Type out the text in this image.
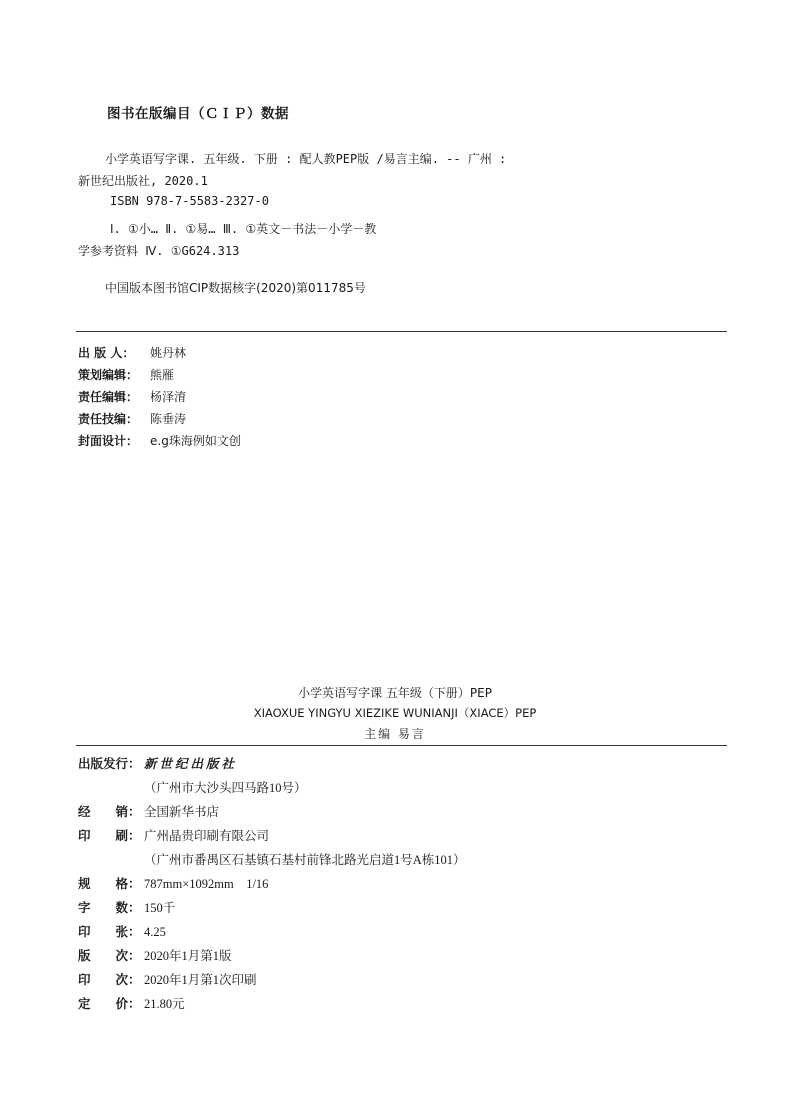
图书在版编目（ＣＩＰ）数据
小学英语写字课. 五年级. 下册 : 配人教PEP版 /易言主编. -- 广州 :
新世纪出版社, 2020.1
ISBN 978-7-5583-2327-0
Ⅰ. ①小… Ⅱ. ①易… Ⅲ. ①英文－书法－小学－教
学参考资料 Ⅳ. ①G624.313
中国版本图书馆CIP数据核字(2020)第011785号
出 版 人： 姚丹林
策划编辑： 熊雁
责任编辑： 杨泽淯
责任技编： 陈垂涛
封面设计： e.g珠海例如文创
小学英语写字课 五年级（下册）PEP
XIAOXUE YINGYU XIEZIKE WUNIANJI（XIACE）PEP
主编 易言
出版发行： 新世纪出版社
（广州市大沙头四马路10号）
经　　销： 全国新华书店
印　　刷： 广州晶贵印刷有限公司
（广州市番禺区石基镇石基村前锋北路光启道1号A栋101）
规　　格： 787mm×1092mm　1/16
字　　数： 150千
印　　张： 4.25
版　　次： 2020年1月第1版
印　　次： 2020年1月第1次印刷
定　　价： 21.80元
